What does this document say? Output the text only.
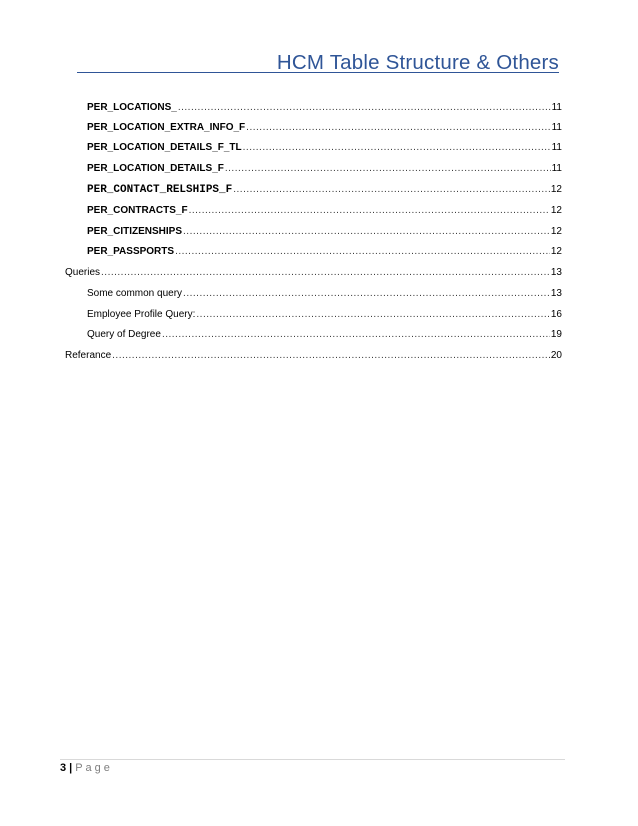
HCM Table Structure & Others
PER_LOCATIONS_ .....	11
PER_LOCATION_EXTRA_INFO_F .....	11
PER_LOCATION_DETAILS_F_TL .....	11
PER_LOCATION_DETAILS_F .....	11
PER_CONTACT_RELSHIPS_F .....	12
PER_CONTRACTS_F .....	12
PER_CITIZENSHIPS .....	12
PER_PASSPORTS .....	12
Queries .....	13
Some common query .....	13
Employee Profile Query: .....	16
Query of Degree .....	19
Referance .....	20
3 | Page
